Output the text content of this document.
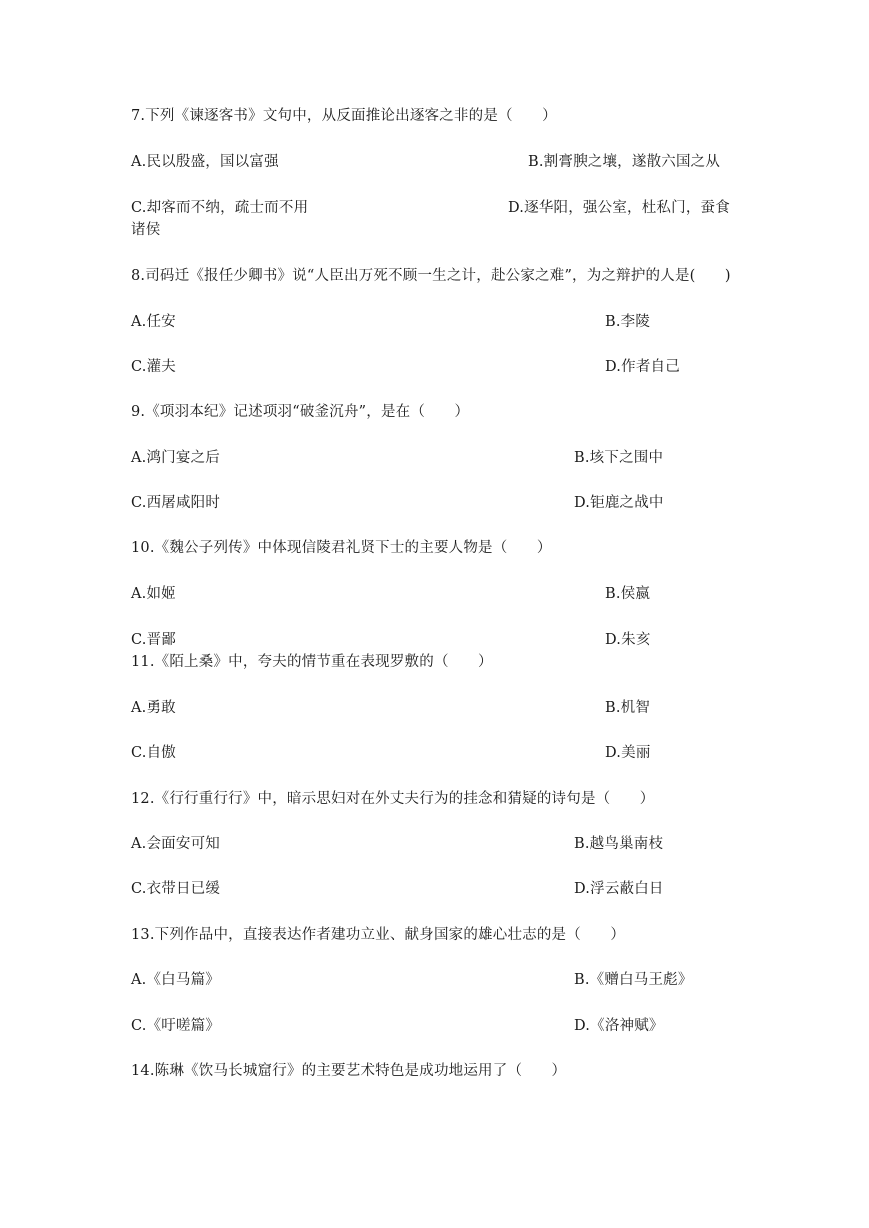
7.下列《谏逐客书》文句中，从反面推论出逐客之非的是（　　）
A.民以殷盛，国以富强	B.割膏腴之壤，遂散六国之从
C.却客而不纳，疏士而不用	D.逐华阳，强公室，杜私门，蚕食
诸侯
8.司码迁《报任少卿书》说“人臣出万死不顾一生之计，赴公家之难”，为之辩护的人是(　　)
A.任安	B.李陵
C.灌夫	D.作者自己
9.《项羽本纪》记述项羽“破釜沉舟”，是在（　　）
A.鸿门宴之后	B.垓下之围中
C.西屠咸阳时	D.钜鹿之战中
10.《魏公子列传》中体现信陵君礼贤下士的主要人物是（　　）
A.如姬	B.侯嬴
C.晋鄙	D.朱亥
11.《陌上桑》中，夸夫的情节重在表现罗敷的（　　）
A.勇敢	B.机智
C.自傲	D.美丽
12.《行行重行行》中，暗示思妇对在外丈夫行为的挂念和猜疑的诗句是（　　）
A.会面安可知	B.越鸟巢南枝
C.衣带日已缓	D.浮云蔽白日
13.下列作品中，直接表达作者建功立业、献身国家的雄心壮志的是（　　）
A.《白马篇》	B.《赠白马王彪》
C.《吁嗟篇》	D.《洛神赋》
14.陈琳《饮马长城窟行》的主要艺术特色是成功地运用了（　　）
